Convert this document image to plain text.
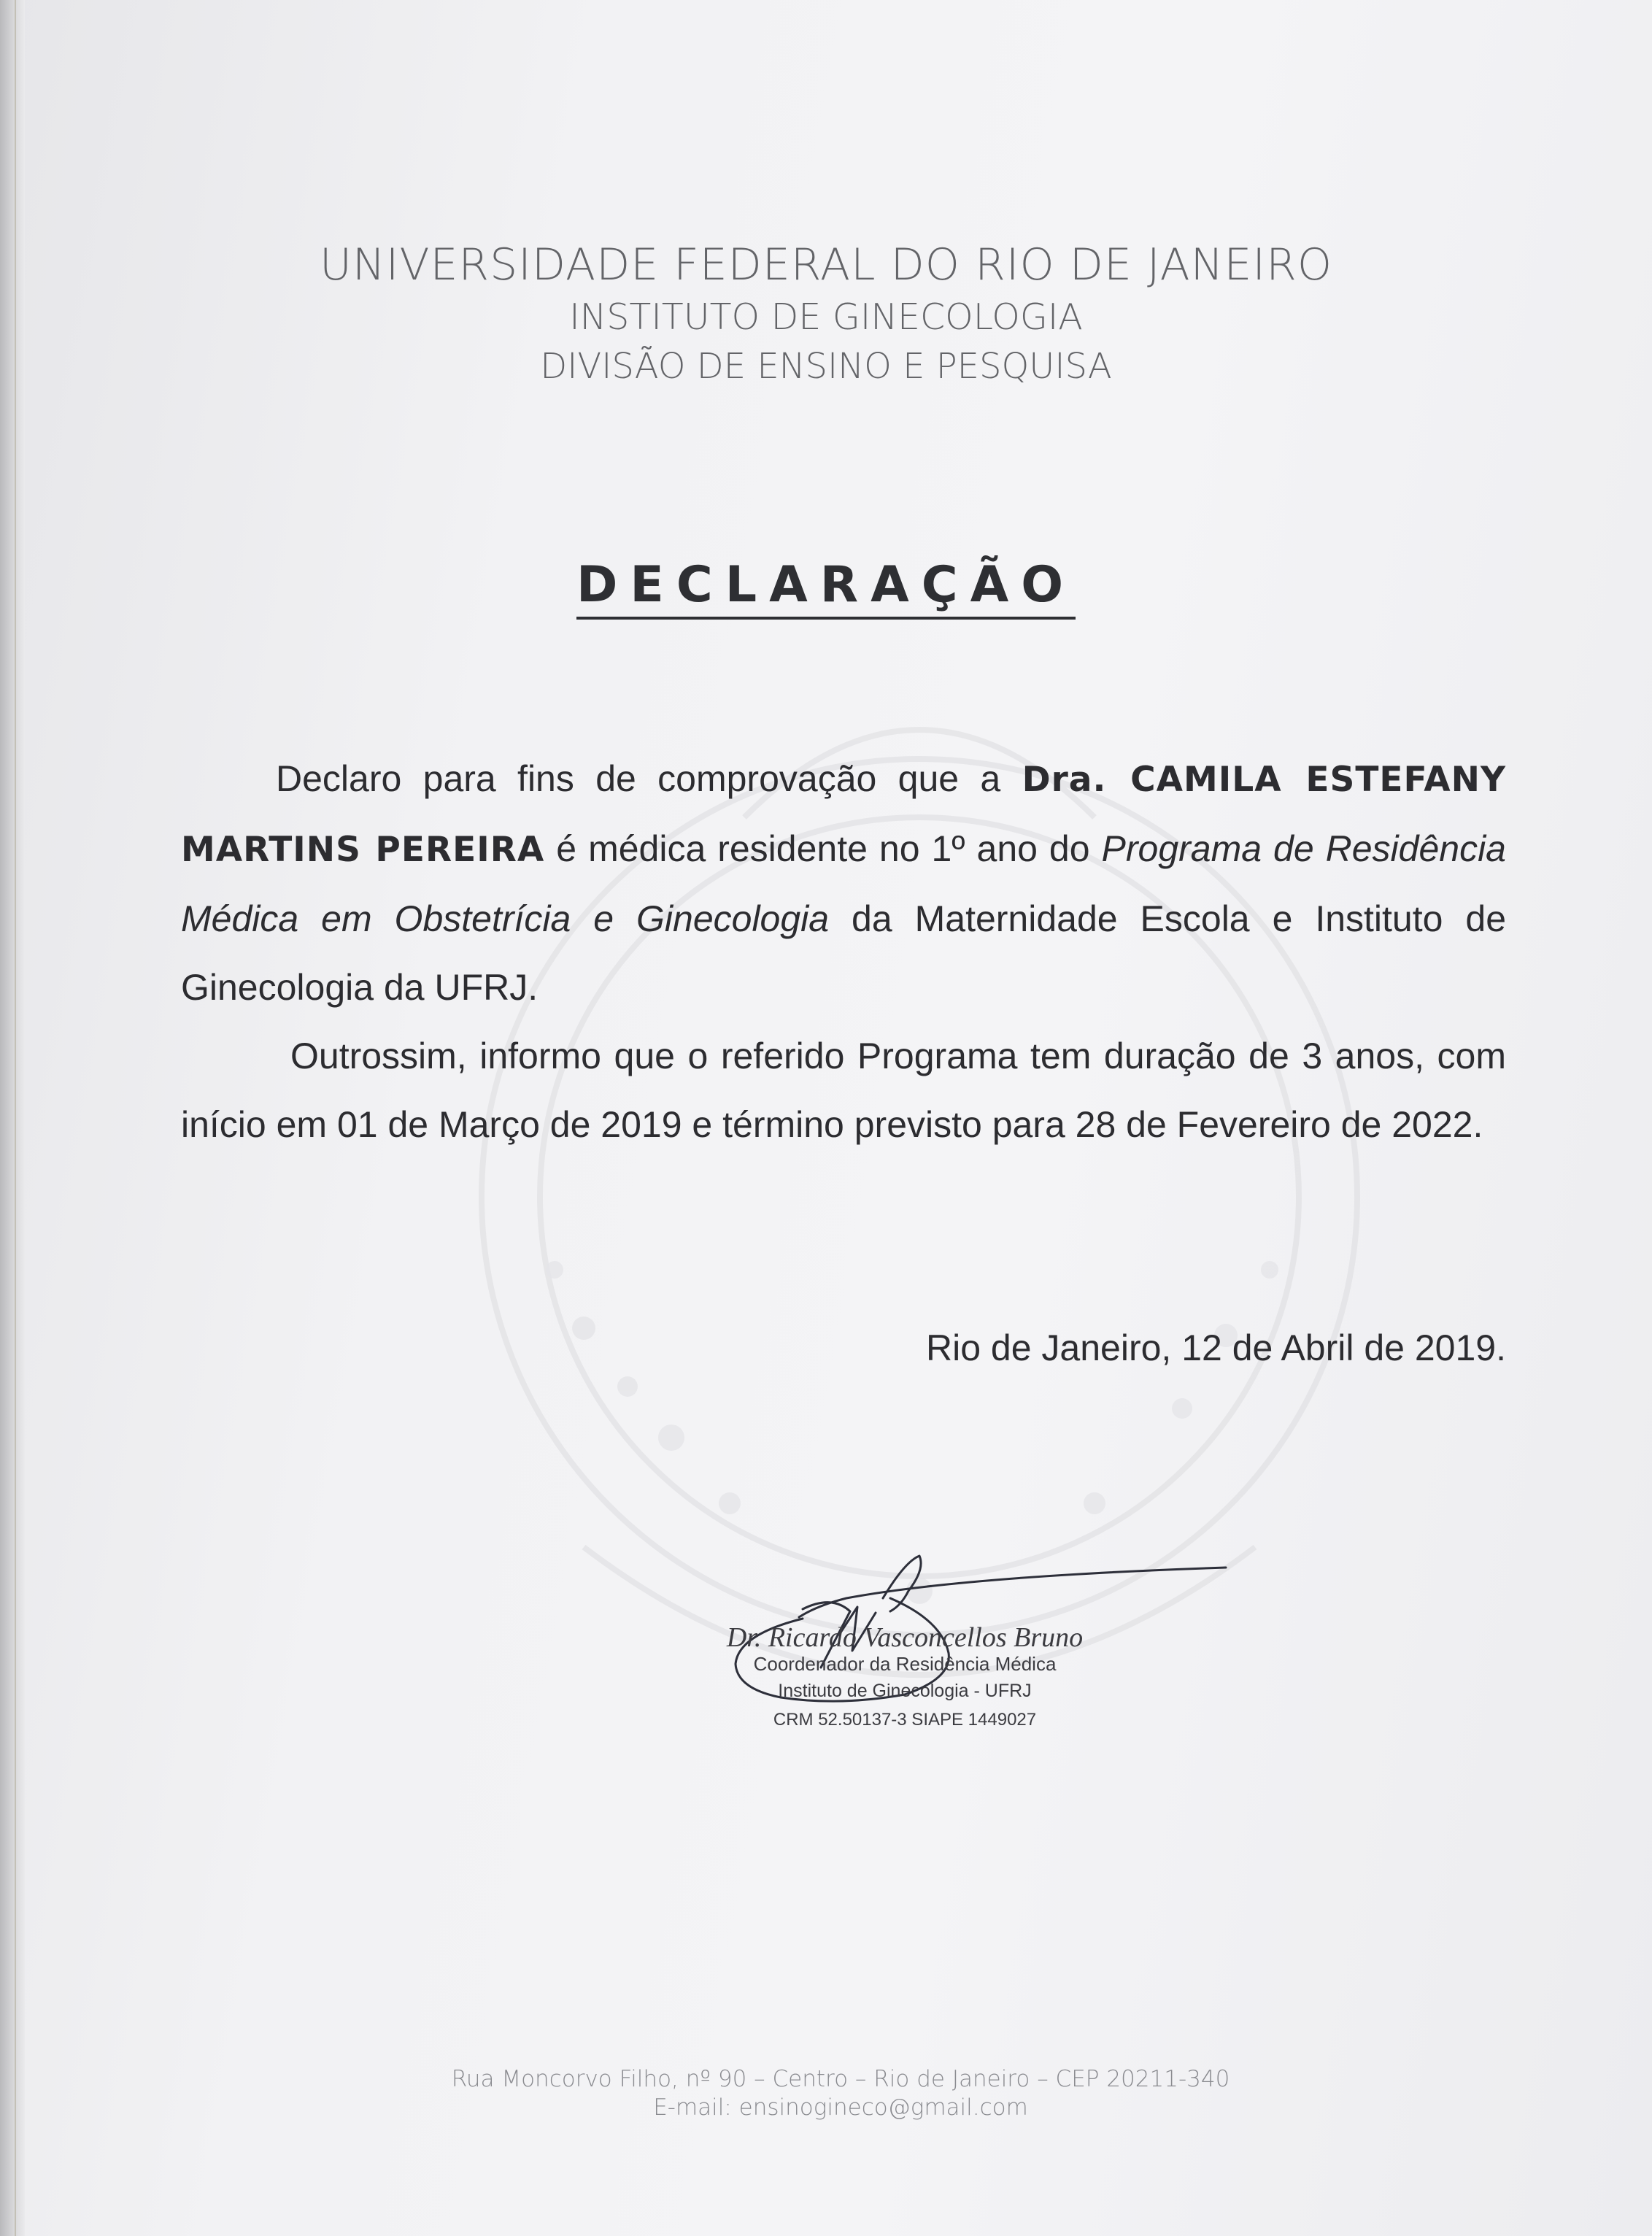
UNIVERSIDADE FEDERAL DO RIO DE JANEIRO

INSTITUTO DE GINECOLOGIA

DIVISÃO DE ENSINO E PESQUISA

DECLARAÇÃO

Declaro para fins de comprovação que a Dra. CAMILA ESTEFANY MARTINS PEREIRA é médica residente no 1º ano do Programa de Residência Médica em Obstetrícia e Ginecologia da Maternidade Escola e Instituto de Ginecologia da UFRJ.

Outrossim, informo que o referido Programa tem duração de 3 anos, com início em 01 de Março de 2019 e término previsto para 28 de Fevereiro de 2022.

Rio de Janeiro, 12 de Abril de 2019.

Dr. Ricardo Vasconcellos Bruno

Coordenador da Residência Médica

Instituto de Ginecologia - UFRJ

CRM 52.50137-3 SIAPE 1449027

Rua Moncorvo Filho, nº 90 – Centro – Rio de Janeiro – CEP 20211-340

E-mail: ensinogineco@gmail.com
